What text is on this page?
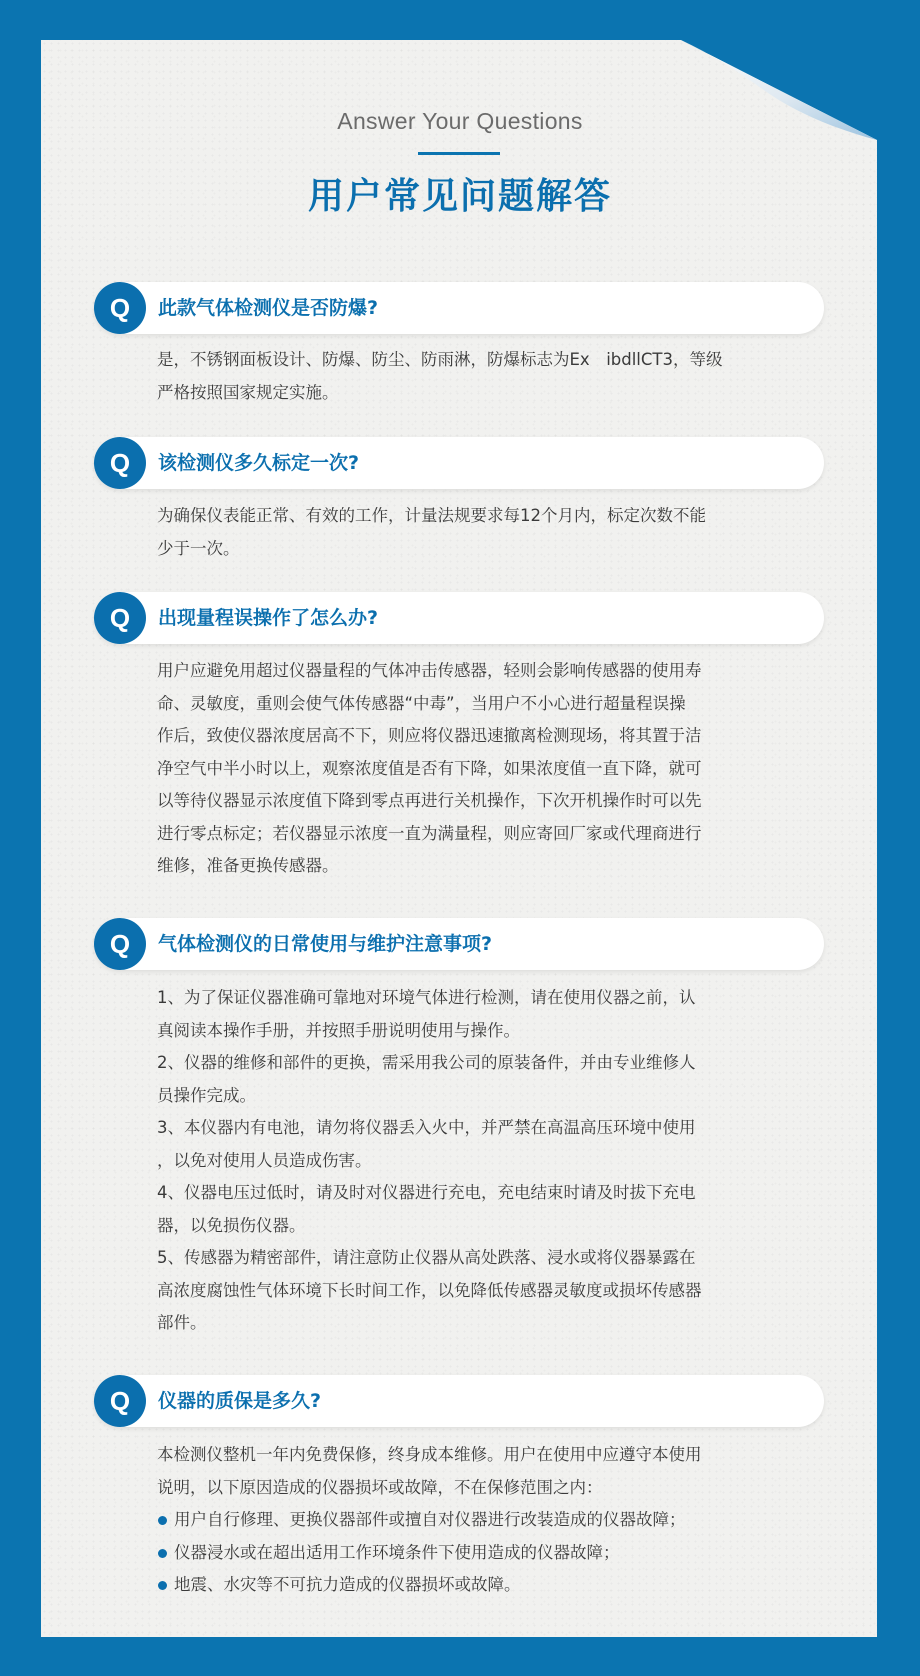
Answer Your Questions
用户常见问题解答
Q	此款气体检测仪是否防爆?

是，不锈钢面板设计、防爆、防尘、防雨淋，防爆标志为Ex　ibdllCT3，等级

严格按照国家规定实施。

Q	该检测仪多久标定一次?

为确保仪表能正常、有效的工作，计量法规要求每12个月内，标定次数不能

少于一次。

Q	出现量程误操作了怎么办?

用户应避免用超过仪器量程的气体冲击传感器，轻则会影响传感器的使用寿

命、灵敏度，重则会使气体传感器“中毒”，当用户不小心进行超量程误操

作后，致使仪器浓度居高不下，则应将仪器迅速撤离检测现场，将其置于洁

净空气中半小时以上，观察浓度值是否有下降，如果浓度值一直下降，就可

以等待仪器显示浓度值下降到零点再进行关机操作，下次开机操作时可以先

进行零点标定；若仪器显示浓度一直为满量程，则应寄回厂家或代理商进行

维修，准备更换传感器。

Q	气体检测仪的日常使用与维护注意事项?

1、为了保证仪器准确可靠地对环境气体进行检测，请在使用仪器之前，认

真阅读本操作手册，并按照手册说明使用与操作。

2、仪器的维修和部件的更换，需采用我公司的原装备件，并由专业维修人

员操作完成。

3、本仪器内有电池，请勿将仪器丢入火中，并严禁在高温高压环境中使用

，以免对使用人员造成伤害。

4、仪器电压过低时，请及时对仪器进行充电，充电结束时请及时拔下充电

器，以免损伤仪器。

5、传感器为精密部件，请注意防止仪器从高处跌落、浸水或将仪器暴露在

高浓度腐蚀性气体环境下长时间工作，以免降低传感器灵敏度或损坏传感器

部件。

Q	仪器的质保是多久?

本检测仪整机一年内免费保修，终身成本维修。用户在使用中应遵守本使用

说明，以下原因造成的仪器损坏或故障，不在保修范围之内：

用户自行修理、更换仪器部件或擅自对仪器进行改装造成的仪器故障；

仪器浸水或在超出适用工作环境条件下使用造成的仪器故障；

地震、水灾等不可抗力造成的仪器损坏或故障。
